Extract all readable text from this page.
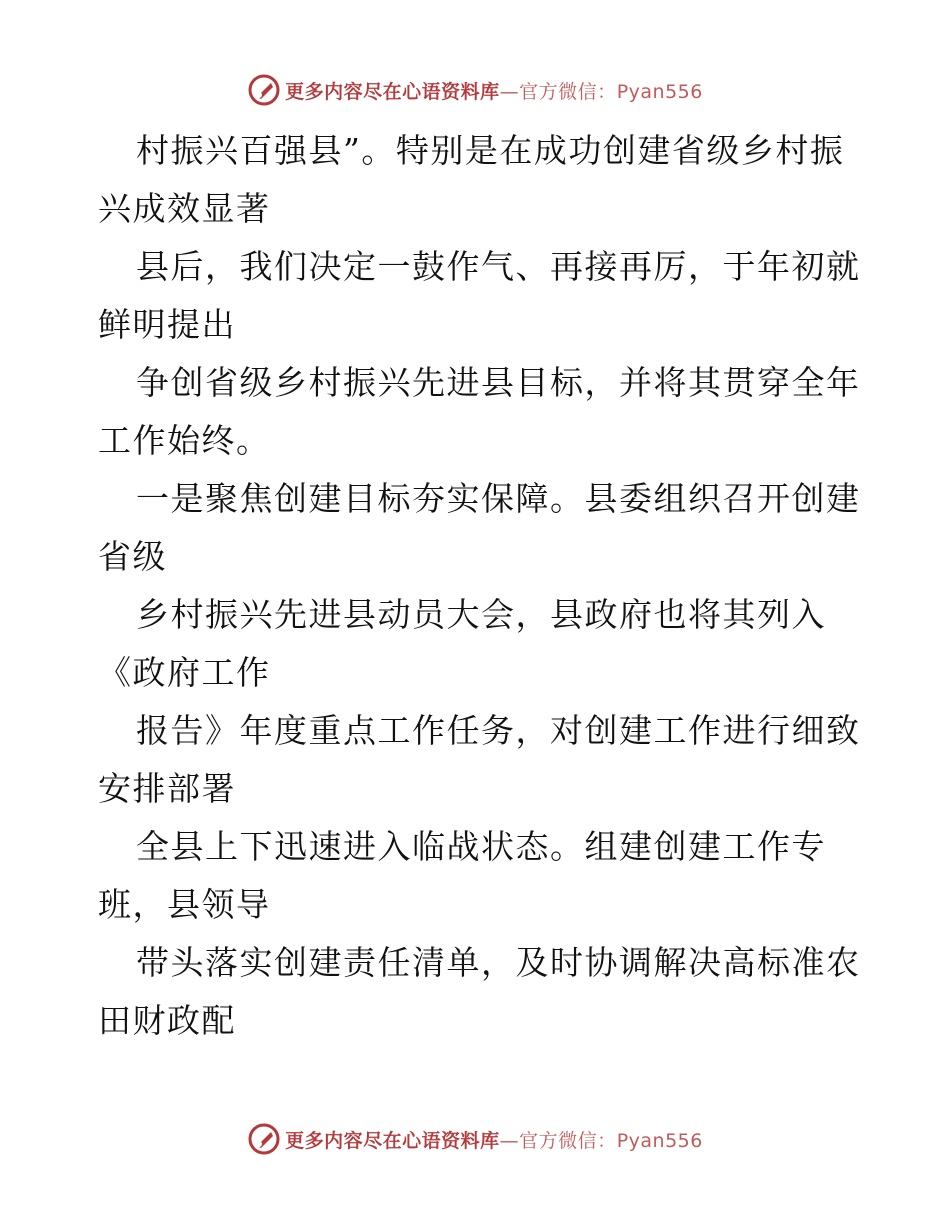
更多内容尽在心语资料库—官方微信：Pyan556
村振兴百强县”。特别是在成功创建省级乡村振
兴成效显著
县后，我们决定一鼓作气、再接再厉，于年初就
鲜明提出
争创省级乡村振兴先进县目标，并将其贯穿全年
工作始终。
一是聚焦创建目标夯实保障。县委组织召开创建
省级
乡村振兴先进县动员大会，县政府也将其列入
《政府工作
报告》年度重点工作任务，对创建工作进行细致
安排部署
全县上下迅速进入临战状态。组建创建工作专
班，县领导
带头落实创建责任清单，及时协调解决高标准农
田财政配
更多内容尽在心语资料库—官方微信：Pyan556
